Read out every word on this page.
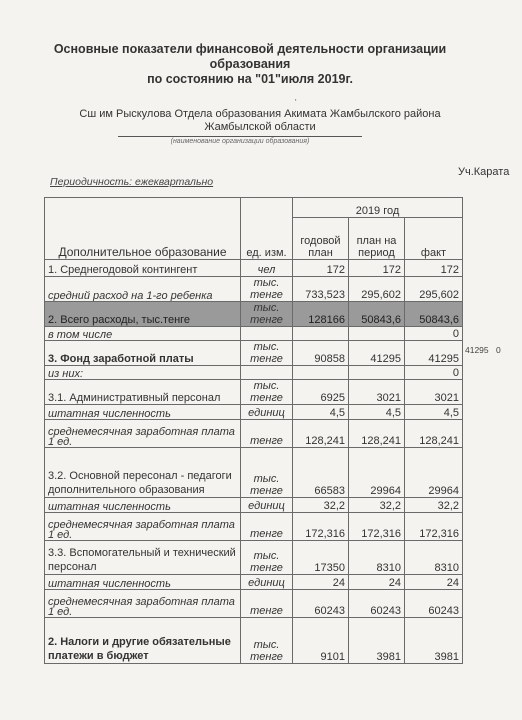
Основные показатели финансовой деятельности организации
образования
по состоянию на "01"июля 2019г.
'
Сш им Рыскулова Отдела образования Акимата Жамбылского района
Жамбылской области
(наименование организации образования)
Уч.Карата
Периодичность: ежеквартально
Дополнительное образование	ед. изм.	2019 год		
		годовой план	план на период	факт
1. Среднегодовой контингент	чел	172	172	172
средний расход на 1-го ребенка	тыс. тенге	733,523	295,602	295,602
2. Всего расходы, тыс.тенге	тыс. тенге	128166	50843,6	50843,6
в том числе				0
3. Фонд заработной платы	тыс. тенге	90858	41295	41295
из них:				0
3.1. Административный персонал	тыс. тенге	6925	3021	3021
штатная численность	единиц	4,5	4,5	4,5
среднемесячная заработная плата 1 ед.	тенге	128,241	128,241	128,241
3.2. Основной пересонал - педагоги дополнительного образования	тыс. тенге	66583	29964	29964
штатная численность	единиц	32,2	32,2	32,2
среднемесячная заработная плата 1 ед.	тенге	172,316	172,316	172,316
3.3. Вспомогательный и технический персонал	тыс. тенге	17350	8310	8310
штатная численность	единиц	24	24	24
среднемесячная заработная плата 1 ед.	тенге	60243	60243	60243
2. Налоги и другие обязательные платежи в бюджет	тыс. тенге	9101	3981	3981
41295 0
